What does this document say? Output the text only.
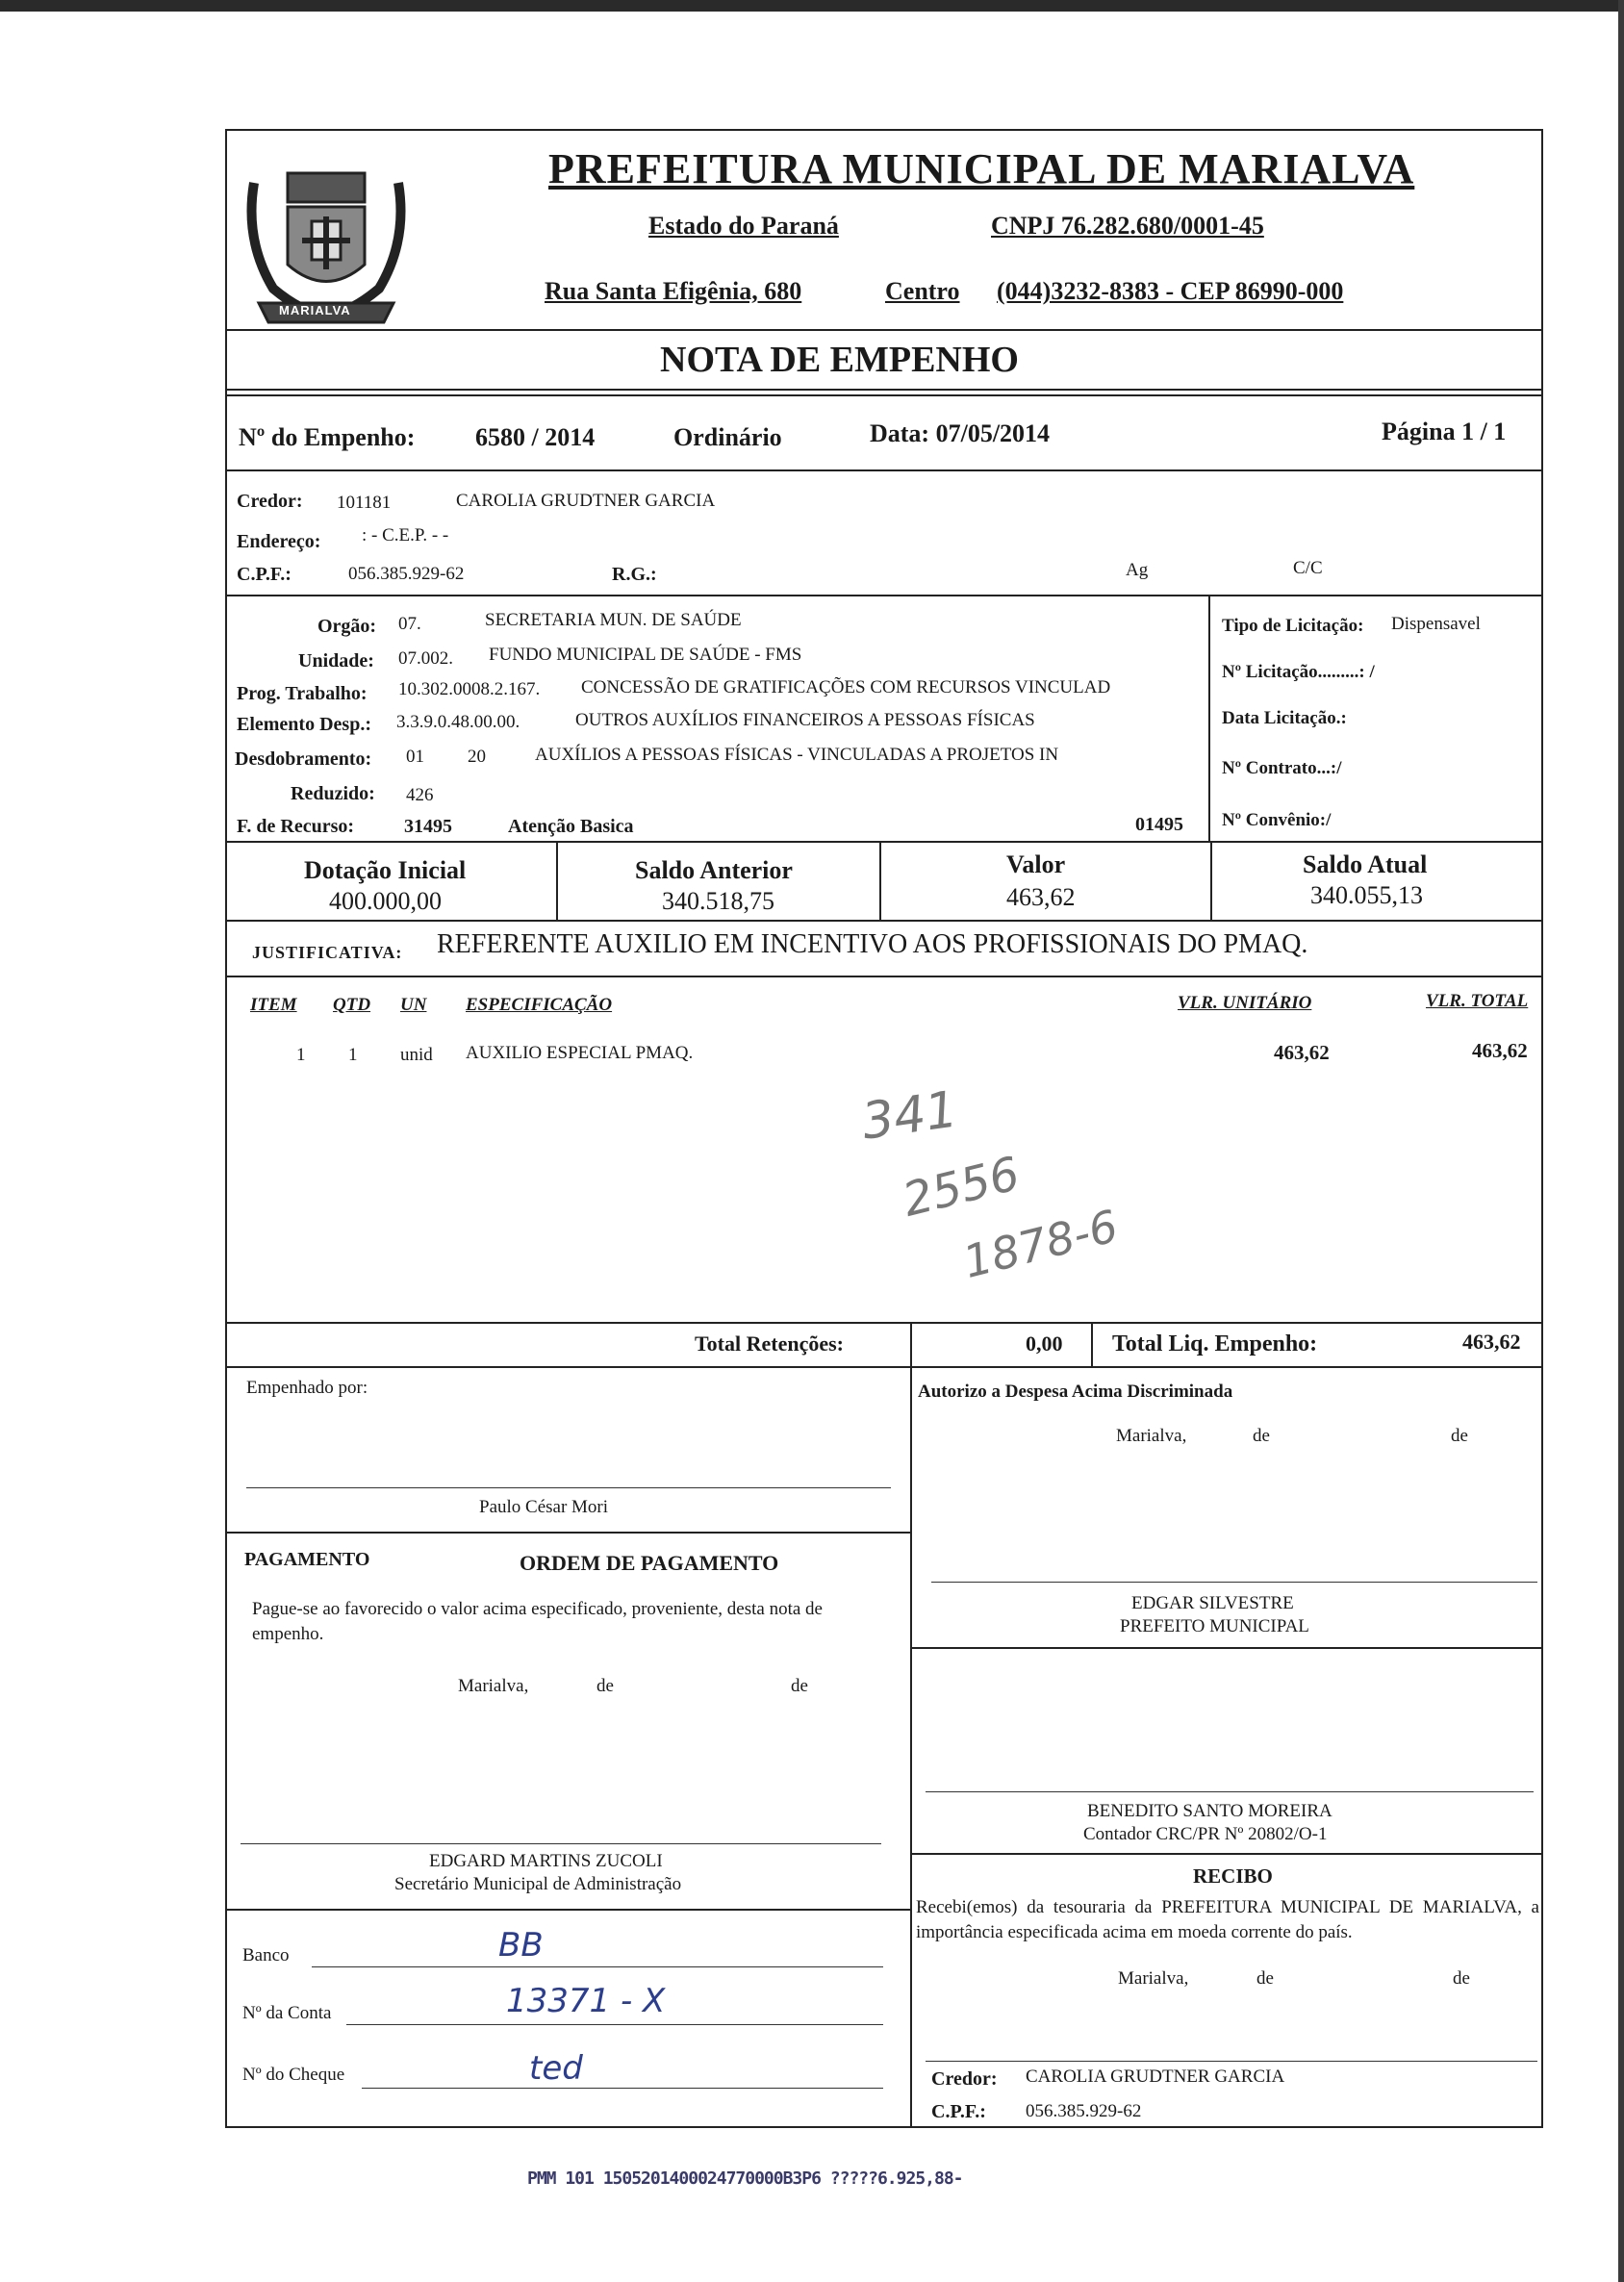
MARIALVA
PREFEITURA MUNICIPAL DE MARIALVA
Estado do Paraná	CNPJ 76.282.680/0001-45
Rua Santa Efigênia, 680	Centro (044)3232-8383 - CEP 86990-000
NOTA DE EMPENHO
Nº do Empenho: 6580 / 2014	Ordinário	Data: 07/05/2014	Página 1 / 1
Credor: 101181	CAROLIA GRUDTNER GARCIA
Endereço: : - C.E.P. - -
C.P.F.:	056.385.929-62	R.G.:	Ag	C/C
Orgão: 07.	SECRETARIA MUN. DE SAÚDE
Unidade: 07.002. FUNDO MUNICIPAL DE SAÚDE - FMS
Prog. Trabalho: 10.302.0008.2.167. CONCESSÃO DE GRATIFICAÇÕES COM RECURSOS VINCULAD
Elemento Desp.: 3.3.9.0.48.00.00.	OUTROS AUXÍLIOS FINANCEIROS A PESSOAS FÍSICAS
Desdobramento: 01 20	AUXÍLIOS A PESSOAS FÍSICAS - VINCULADAS A PROJETOS IN
Reduzido: 426
F. de Recurso:	31495	Atenção Basica	01495
Tipo de Licitação: Dispensavel
Nº Licitação.........: /
Data Licitação.:
Nº Contrato...:/
Nº Convênio:/
Dotação Inicial
400.000,00
Saldo Anterior
340.518,75
Valor
463,62
Saldo Atual
340.055,13
JUSTIFICATIVA: REFERENTE AUXILIO EM INCENTIVO AOS PROFISSIONAIS DO PMAQ.
ITEM QTD UN ESPECIFICAÇÃO	VLR. UNITÁRIO	VLR. TOTAL
1 1 unid AUXILIO ESPECIAL PMAQ.	463,62	463,62
341
2556
1878-6
Total Retenções:	0,00 Total Liq. Empenho:	463,62
Empenhado por:
Paulo César Mori
Autorizo a Despesa Acima Discriminada
Marialva,	de	de
EDGAR SILVESTRE
PREFEITO MUNICIPAL
PAGAMENTO	ORDEM DE PAGAMENTO
Pague-se ao favorecido o valor acima especificado, proveniente, desta nota de empenho.
Marialva,	de	de
EDGARD MARTINS ZUCOLI
Secretário Municipal de Administração
BENEDITO SANTO MOREIRA
Contador CRC/PR Nº 20802/O-1
RECIBO
Recebi(emos) da tesouraria da PREFEITURA MUNICIPAL DE MARIALVA, a importância especificada acima em moeda corrente do país.
Marialva,	de	de
Credor: CAROLIA GRUDTNER GARCIA
C.P.F.: 056.385.929-62
Banco	BB
Nº da Conta	13371 - X
Nº do Cheque	ted
PMM 101 1505201400024770000B3P6 ?????6.925,88-
